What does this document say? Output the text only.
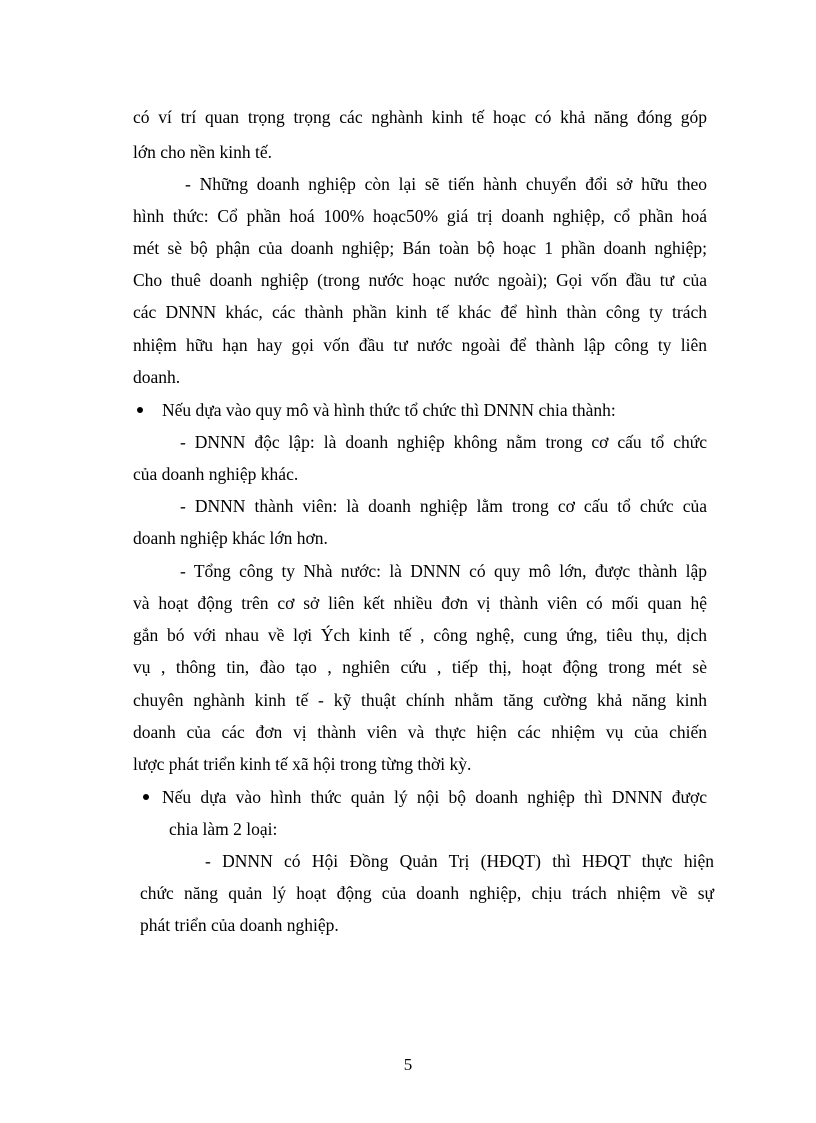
có ví trí quan trọng trọng các nghành kinh tế hoạc có khả năng đóng góp

lớn cho nền kinh tế.

- Những doanh nghiệp còn lại sẽ tiến hành chuyển đổi sở hữu theo

hình thức: Cổ phần hoá 100% hoạc50% giá trị doanh nghiệp, cổ phần hoá

mét sè bộ phận của doanh nghiệp; Bán toàn bộ hoạc 1 phần doanh nghiệp;

Cho thuê doanh nghiệp (trong nước hoạc nước ngoài); Gọi vốn đầu tư của

các DNNN khác, các thành phần kinh tế khác để hình thàn công ty trách

nhiệm hữu hạn hay gọi vốn đầu tư nước ngoài để thành lập công ty liên

doanh.

Nếu dựa vào quy mô và hình thức tổ chức thì DNNN chia thành:

- DNNN độc lập: là doanh nghiệp không nằm trong cơ cấu tổ chức

của doanh nghiệp khác.

- DNNN thành viên: là doanh nghiệp lằm trong cơ cấu tổ chức của

doanh nghiệp khác lớn hơn.

- Tổng công ty Nhà nước: là DNNN có quy mô lớn, được thành lập

và hoạt động trên cơ sở liên kết nhiều đơn vị thành viên có mối quan hệ

gắn bó với nhau về lợi Ých kinh tế , công nghệ, cung ứng, tiêu thụ, dịch

vụ , thông tin, đào tạo , nghiên cứu , tiếp thị, hoạt động trong mét sè

chuyên nghành kinh tế - kỹ thuật chính nhằm tăng cường khả năng kinh

doanh của các đơn vị thành viên và thực hiện các nhiệm vụ của chiến

lược phát triển kinh tế xã hội trong từng thời kỳ.

Nếu dựa vào hình thức quản lý nội bộ doanh nghiệp thì DNNN được

chia làm 2 loại:

- DNNN có Hội Đồng Quản Trị (HĐQT) thì HĐQT thực hiện

chức năng quản lý hoạt động của doanh nghiệp, chịu trách nhiệm về sự

phát triển của doanh nghiệp.

5
